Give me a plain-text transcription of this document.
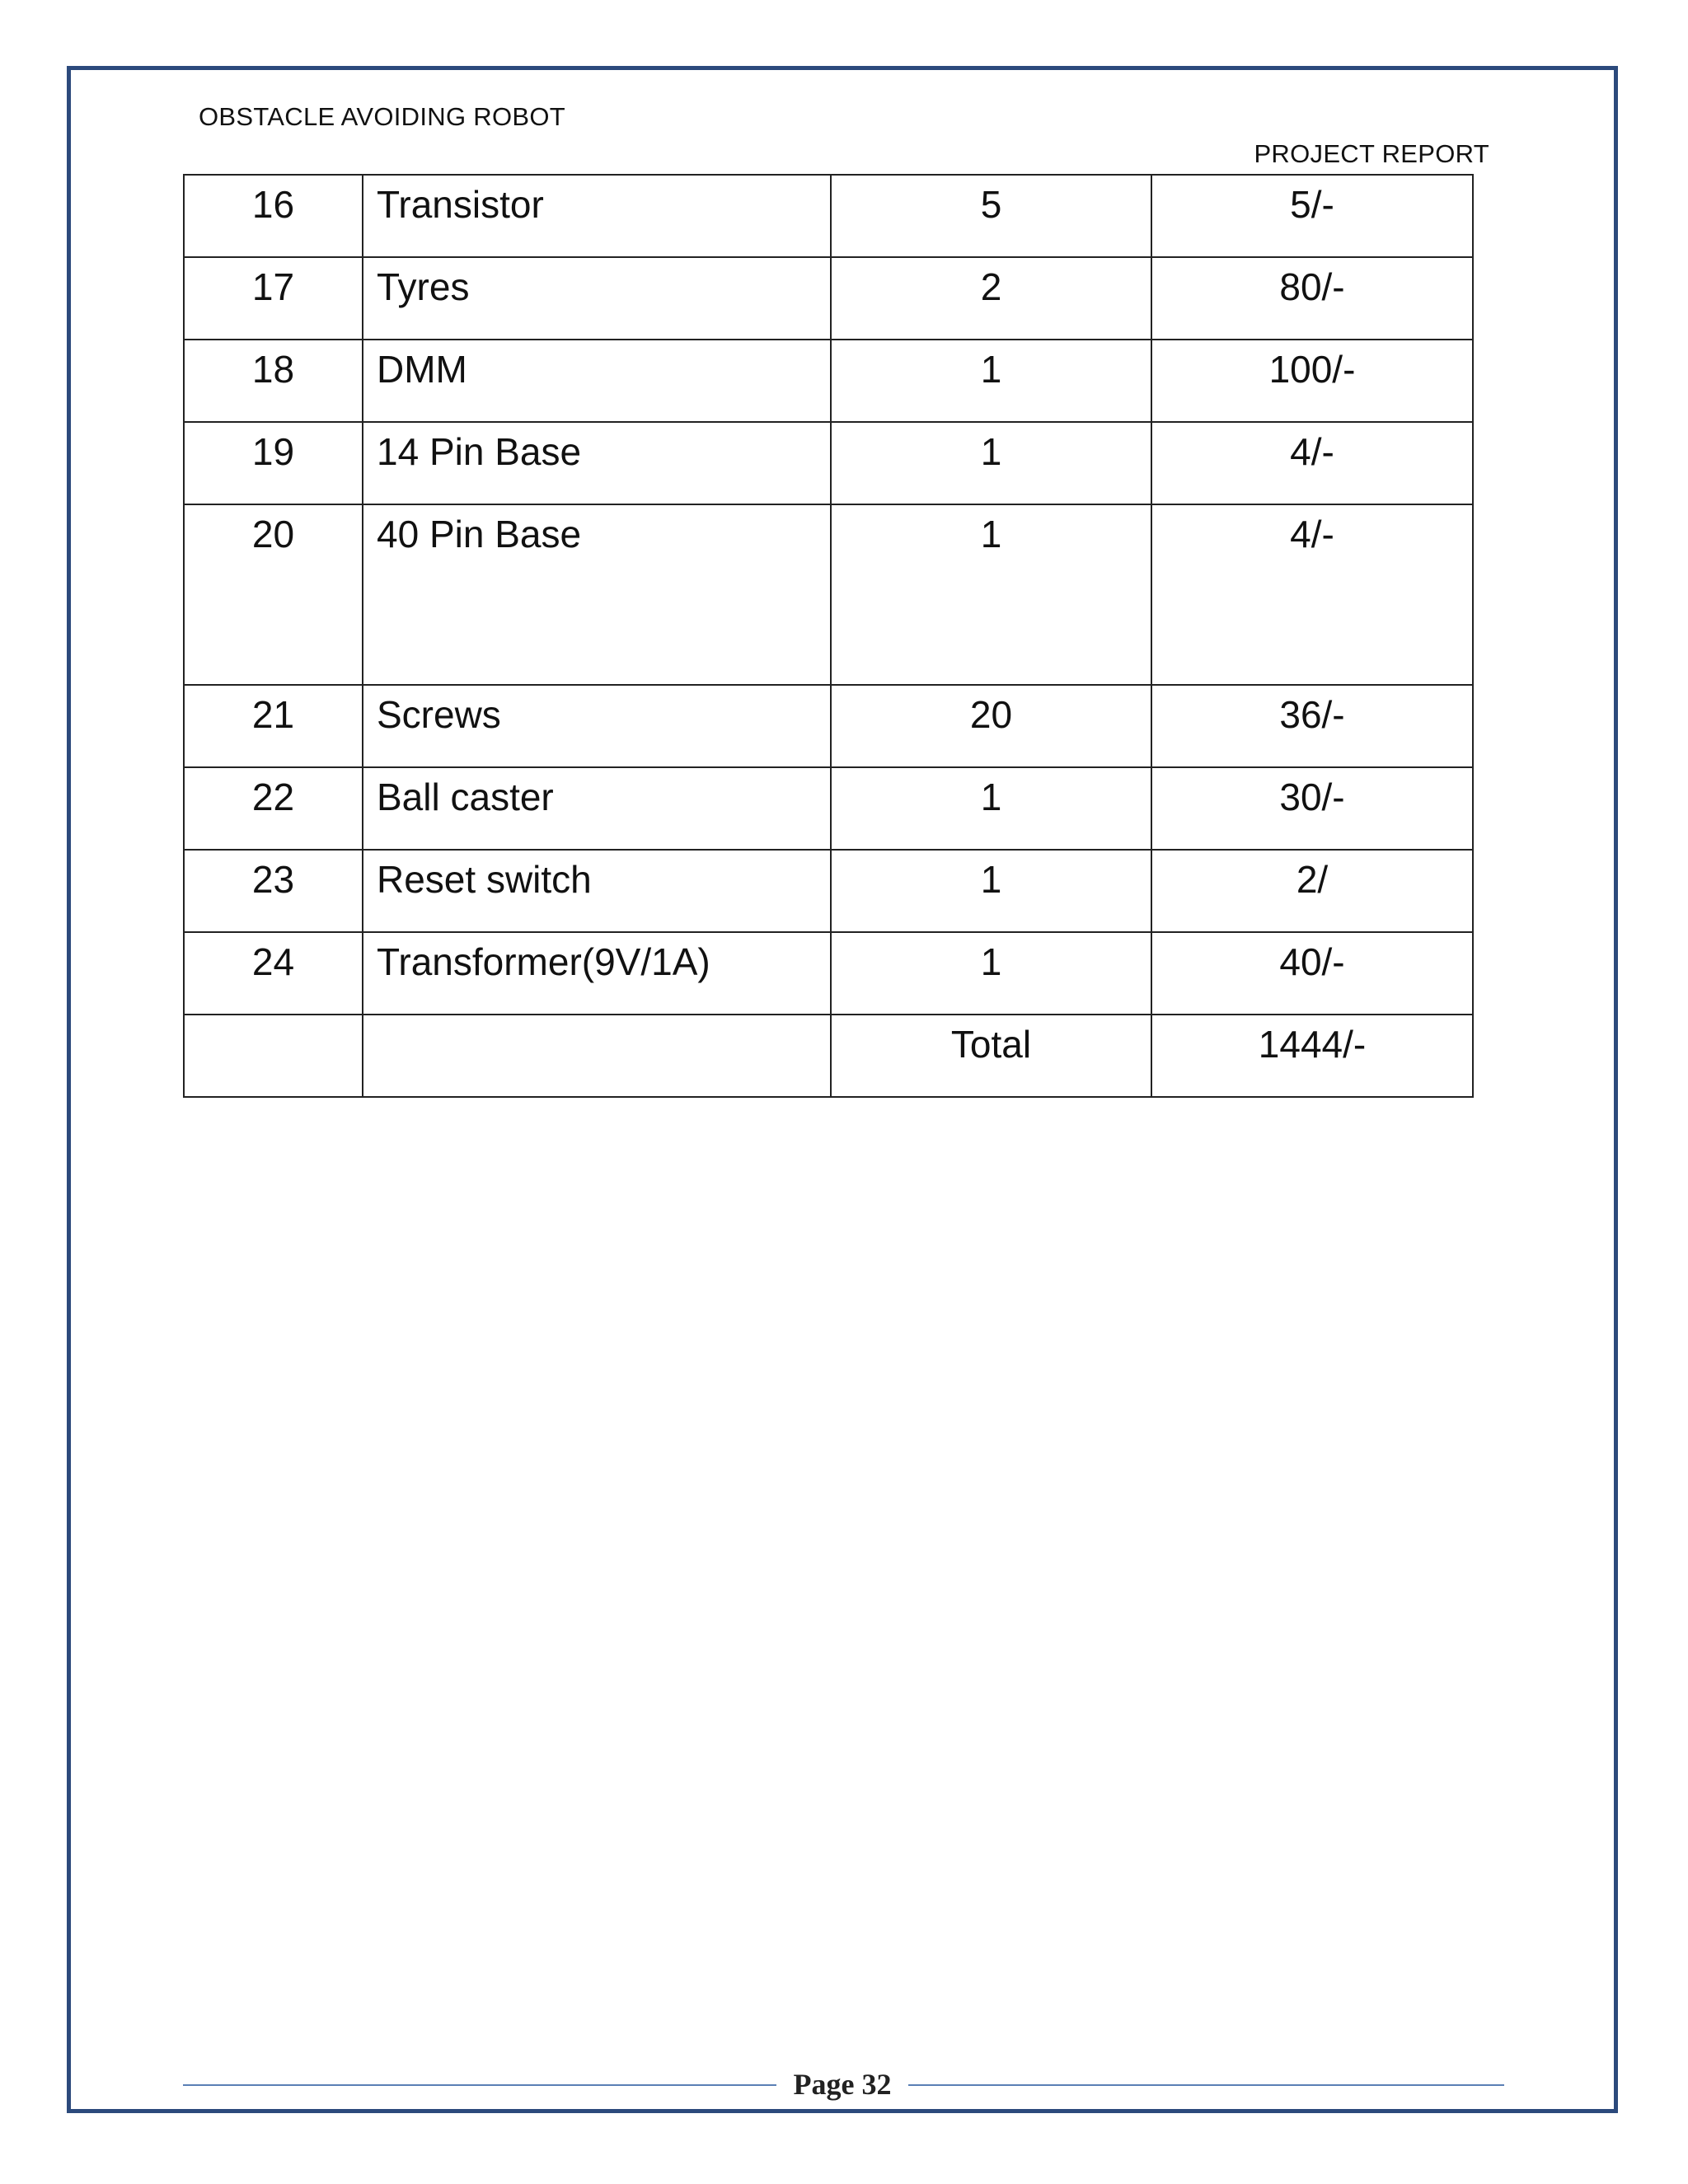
OBSTACLE AVOIDING ROBOT
PROJECT REPORT
16	Transistor	5	5/-
17	Tyres	2	80/-
18	DMM	1	100/-
19	14 Pin Base	1	4/-
20	40 Pin Base	1	4/-
21	Screws	20	36/-
22	Ball caster	1	30/-
23	Reset switch	1	2/
24	Transformer(9V/1A)	1	40/-
		Total	1444/-
Page 32
